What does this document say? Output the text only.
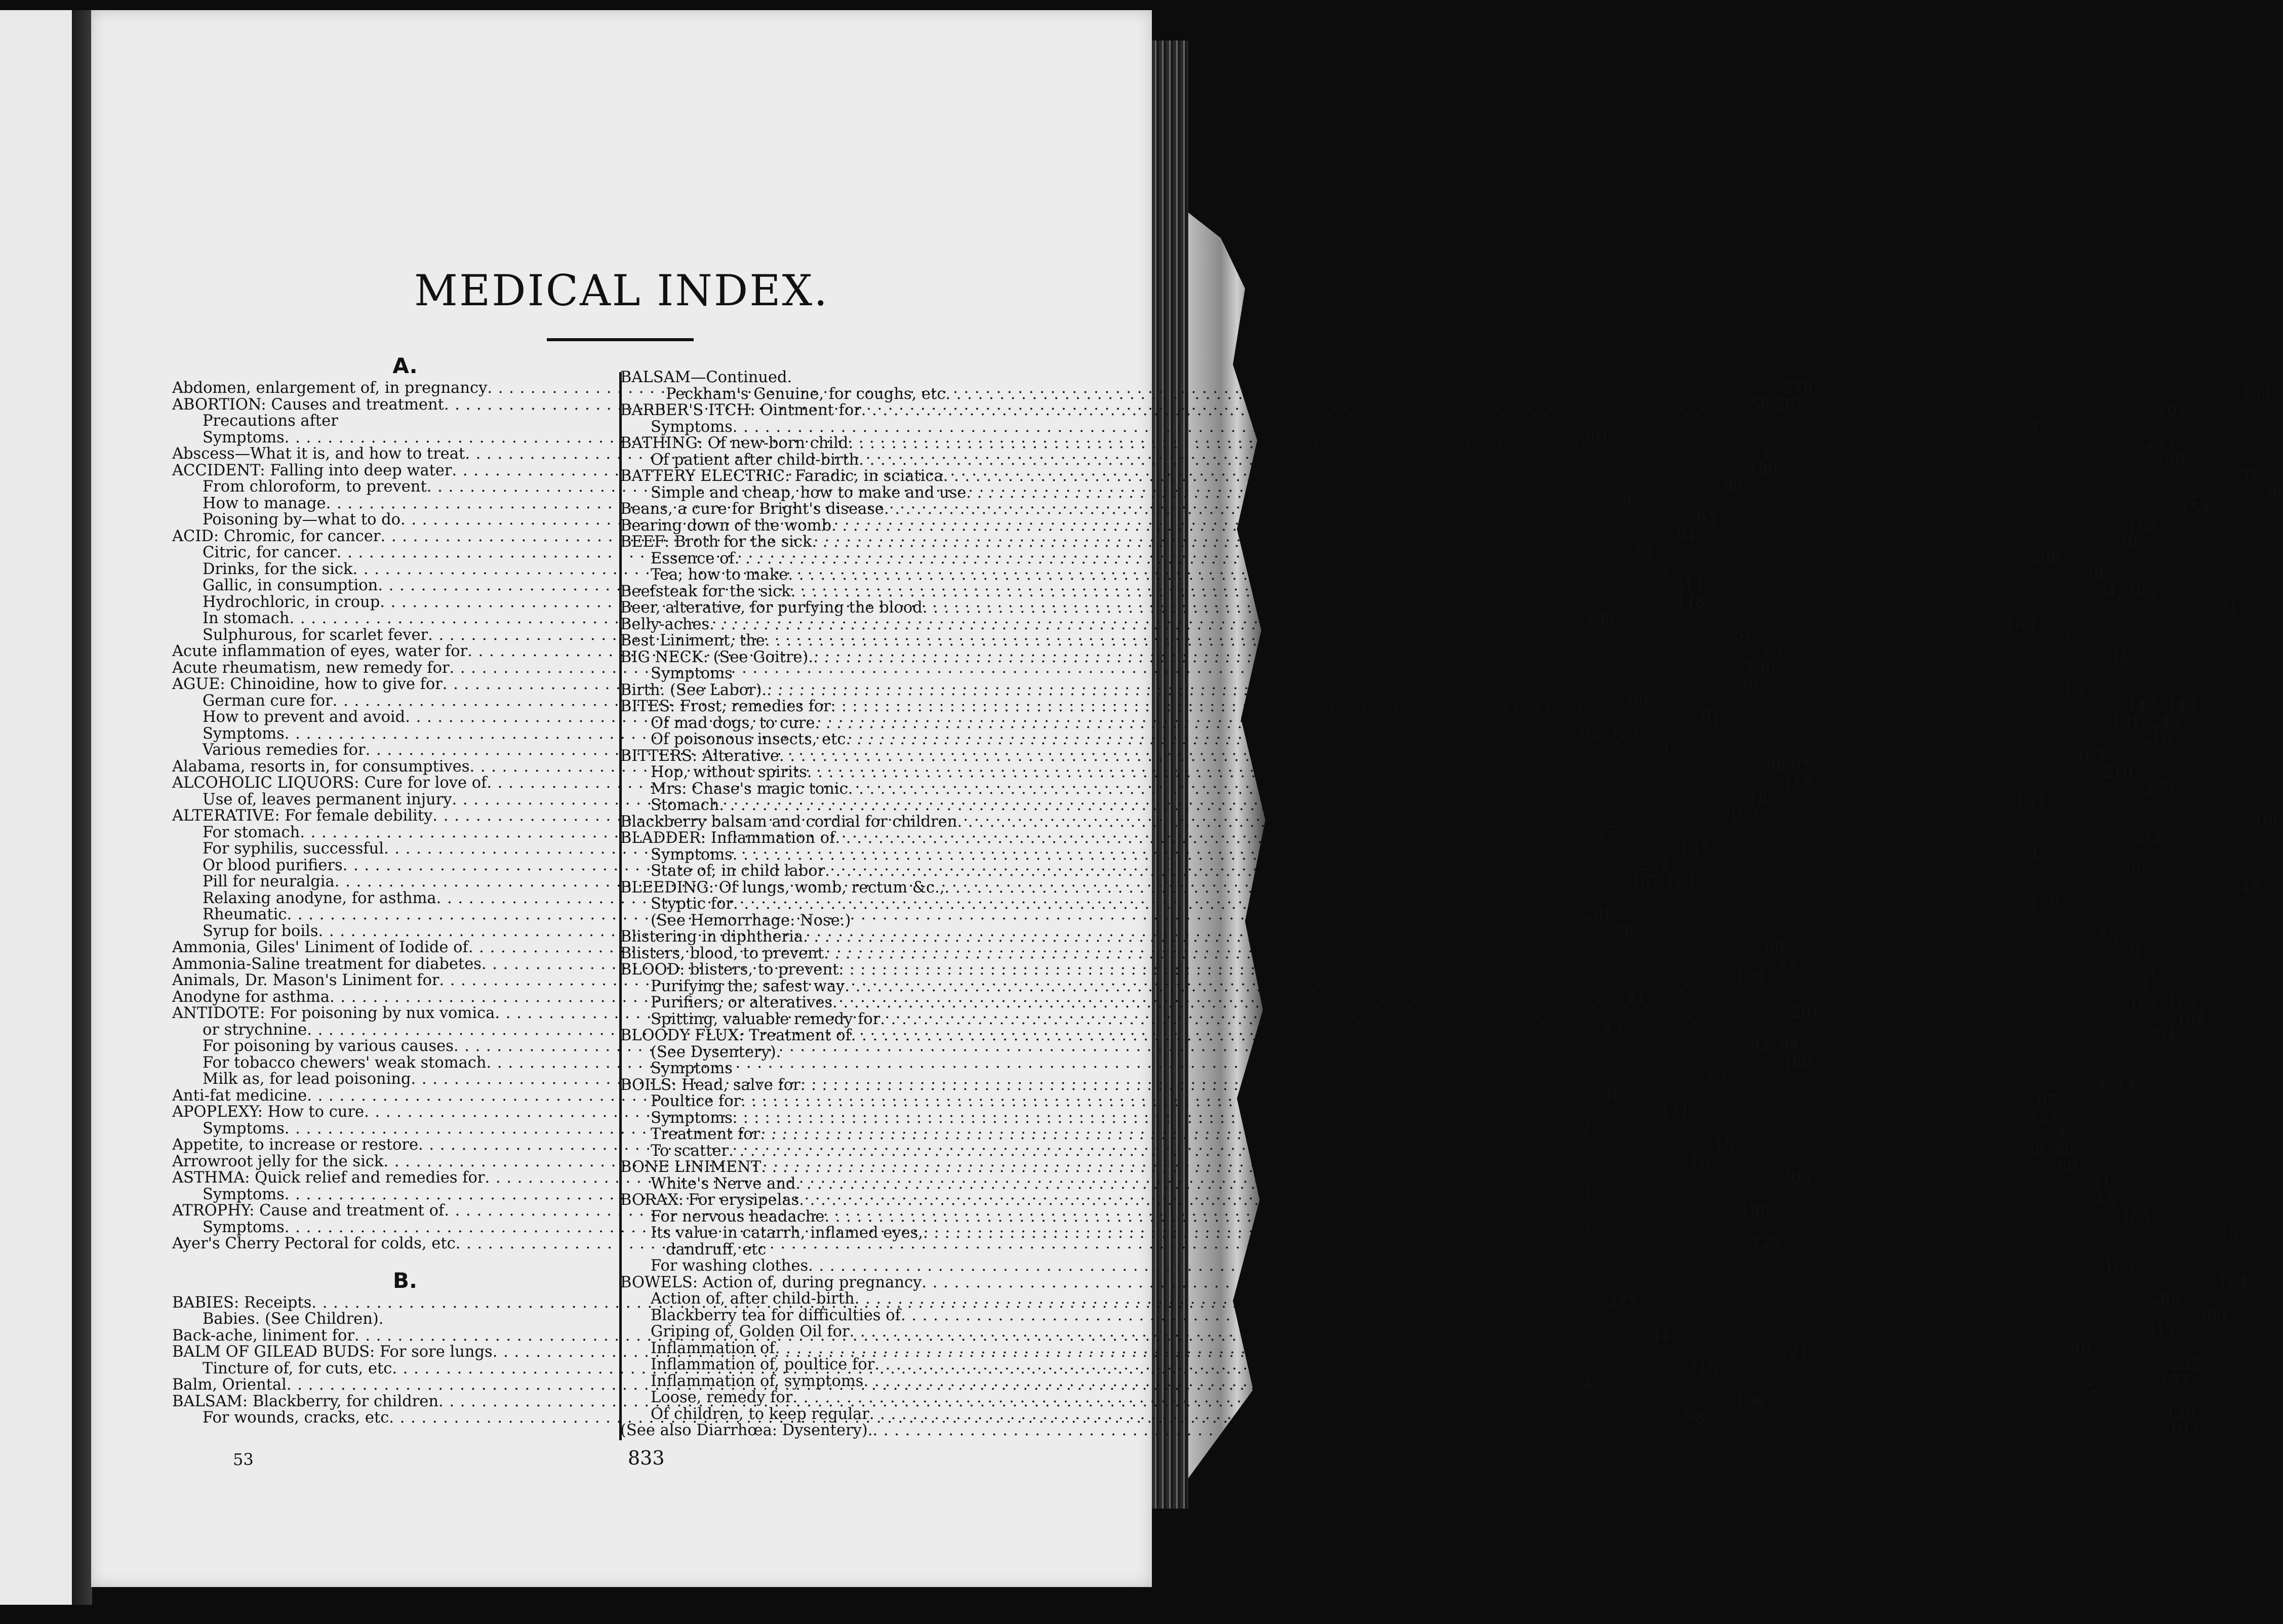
MEDICAL INDEX.
A.
Abdomen, enlargement of, in pregnancy . . .	278
ABORTION: Causes and treatment . . .	258-261
Precautions after
Symptoms . . .	281
Abscess—What it is, and how to treat . . .	1
ACCIDENT: Falling into deep water . . .	189
From chloroform, to prevent . . .	96
How to manage . . .	95
Poisoning by—what to do . . .	93
ACID: Chromic, for cancer . . .	94
Citric, for cancer . . .	35
Drinks, for the sick . . .	35
Gallic, in consumption . . .	314
Hydrochloric, in croup . . .	118
In stomach . . .	106
Sulphurous, for scarlet fever . . .	251
Acute inflammation of eyes, water for . . .	63
Acute rheumatism, new remedy for . . .	156
AGUE: Chinoidine, how to give for . . .	38
German cure for . . .	90
How to prevent and avoid . . .	91
Symptoms . . .	92, 123
Various remedies for . . .	1
Alabama, resorts in, for consumptives . . .	86-97
ALCOHOLIC LIQUORS: Cure for love of . . .	115
Use of, leaves permanent injury . . .	167
ALTERATIVE: For female debility . . .	167
For stomach . . .	273
For syphilis, successful . . .	137
Or blood purifiers . . .	202
Pill for neuralgia . . .	162-163
Relaxing anodyne, for asthma . . .	75
Rheumatic . . .	201
Syrup for boils . . .	38
Ammonia, Giles' Liniment of Iodide of . . .	60
Ammonia-Saline treatment for diabetes . . .	42
Animals, Dr. Mason's Liniment for . . .	177
Anodyne for asthma . . .	41
ANTIDOTE: For poisoning by nux vomica . . .	201
or strychnine . . .	47
For poisoning by various causes . . .	93, 94
For tobacco chewers' weak stomach . . .	180
Milk as, for lead poisoning . . .	62
Anti-fat medicine . . .	46
APOPLEXY: How to cure . . .	131
Symptoms . . .	2
Appetite, to increase or restore . . .	152
Arrowroot jelly for the sick . . .	316
ASTHMA: Quick relief and remedies for . . .	200
Symptoms . . .	3
ATROPHY: Cause and treatment of . . .	190
Symptoms . . .	3
Ayer's Cherry Pectoral for colds, etc . . .	125
B.
BABIES: Receipts . . .	277
Babies. (See Children).
Back-ache, liniment for . . .	44
BALM OF GILEAD BUDS: For sore lungs . . .	216
Tincture of, for cuts, etc . . .	215
Balm, Oriental . . .	42
BALSAM: Blackberry, for children . . .	196
For wounds, cracks, etc . . .	98
BALSAM—Continued.
Peckham's Genuine, for coughs, etc . . .	153
BARBER'S ITCH: Ointment for . . .	102
Symptoms . . .	4
BATHING: Of new-born child . . .	293
Of patient after child-birth . . .	299
BATTERY ELECTRIC: Faradic, in sciatica . . .	37
Simple and cheap, how to make and use . . .	36
Beans, a cure for Bright's disease . . .	154
Bearing down of the womb . . .	163
BEEF: Broth for the sick . . .	270
Essence of . . .	308
Tea, how to make . . .	305
Beefsteak for the sick . . .	304, 305
Beer, alterative, for purfying the blood . . .	317
Belly-aches . . .	163
Best Liniment, the . . .	252
BIG NECK: (See Goitre). . . .	44
Symptoms
Birth. (See Labor). . . .	18
BITES: Frost, remedies for . . .	142, 143
Of mad dogs, to cure . . .	131, 243
Of poisonous insects, etc . . .	210
BITTERS: Alterative . . .	163
Hop, without spirits . . .	210
Mrs. Chase's magic tonic . . .	273
Stomach . . .	137
Blackberry balsam and cordial for children . . .	196
BLADDER: Inflammation of . . .	253
Symptoms . . .	4
State of, in child labor . . .	285
BLEEDING: Of lungs, womb, rectum &c., . . .	48
Styptic for . . .	130
(See Hemorrhage: Nose.)
Blistering in diphtheria . . .	55
Blisters, blood, to prevent . . .	58
BLOOD: blisters, to prevent . . .	58
Purifying the, safest way . . .	137
Purifiers, or alteratives . . .	162, 163
Spitting, valuable remedy for . . .	184
BLOODY FLUX: Treatment of . . .	234
(See Dysentery).
Symptoms
BOILS: Head, salve for . . .	4, 14
Poultice for . . .	97
Symptoms . . .	137
Treatment for . . .	4
To scatter . . .	58, 60
BONE LINIMENT . . .	60
White's Nerve and . . .	41
BORAX: For erysipelas . . .	43
For nervous headache . . .	183
Its value in catarrh, inflamed eyes, . . .	183
dandruff, etc
For washing clothes . . .	183
BOWELS: Action of, during pregnancy . . .	184
Action of, after child-birth . . .	280
Blackberry tea for difficulties of . . .	300
Griping of, Golden Oil for . . .	315
Inflammation of . . .	40
Inflammation of, poultice for . . .	252
Inflammation of, symptoms . . .	137
Loose, remedy for . . .	5
Of children, to keep regular . . .	138
(See also Diarrhœa: Dysentery). . . .	193
53	833
